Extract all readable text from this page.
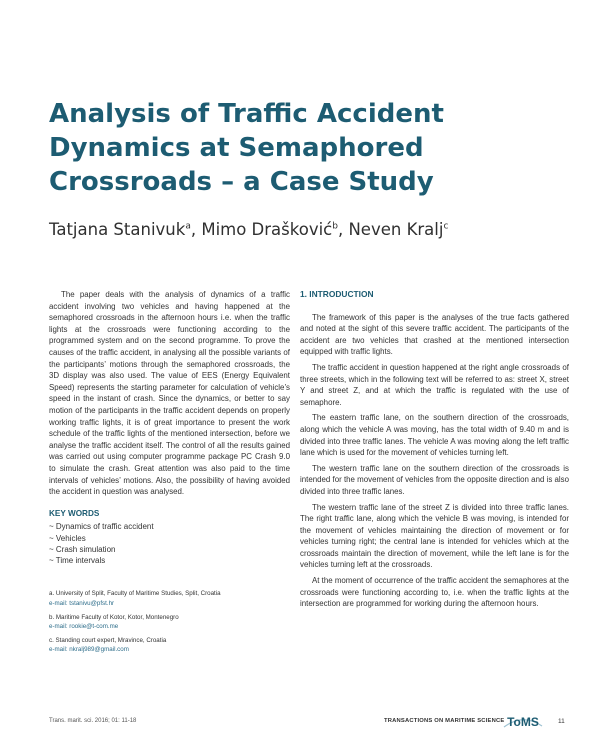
Analysis of Traffic Accident
Dynamics at Semaphored
Crossroads – a Case Study
Tatjana Stanivuk$^a$, Mimo Drašković$^b$, Neven Kralj$^c$

The paper deals with the analysis of dynamics of a traffic accident involving two vehicles and having happened at the semaphored crossroads in the afternoon hours i.e. when the traffic lights at the crossroads were functioning according to the programmed system and on the second programme. To prove the causes of the traffic accident, in analysing all the possible variants of the participants’ motions through the semaphored crossroads, the 3D display was also used. The value of EES (Energy Equivalent Speed) represents the starting parameter for calculation of vehicle’s speed in the instant of crash. Since the dynamics, or better to say motion of the participants in the traffic accident depends on properly working traffic lights, it is of great importance to present the work schedule of the traffic lights of the mentioned intersection, before we analyse the traffic accident itself. The control of all the results gained was carried out using computer programme package PC Crash 9.0 to simulate the crash. Great attention was also paid to the time intervals of vehicles’ motions. Also, the possibility of having avoided the accident in question was analysed.

KEY WORDS
~ Dynamics of traffic accident
~ Vehicles
~ Crash simulation
~ Time intervals
a. University of Split, Faculty of Maritime Studies, Split, Croatia
e-mail: tstanivu@pfst.hr
b. Maritime Faculty of Kotor, Kotor, Montenegro
e-mail: rookie@t-com.me
c. Standing court expert, Mravince, Croatia
e-mail: nkralj989@gmail.com
1. INTRODUCTION

The framework of this paper is the analyses of the true facts gathered and noted at the sight of this severe traffic accident. The participants of the accident are two vehicles that crashed at the mentioned intersection equipped with traffic lights.

The traffic accident in question happened at the right angle crossroads of three streets, which in the following text will be referred to as: street X, street Y and street Z, and at which the traffic is regulated with the use of semaphore.

The eastern traffic lane, on the southern direction of the crossroads, along which the vehicle A was moving, has the total width of 9.40 m and is divided into three traffic lanes. The vehicle A was moving along the left traffic lane which is used for the movement of vehicles turning left.

The western traffic lane on the southern direction of the crossroads is intended for the movement of vehicles from the opposite direction and is also divided into three traffic lanes.

The western traffic lane of the street Z is divided into three traffic lanes. The right traffic lane, along which the vehicle B was moving, is intended for the movement of vehicles maintaining the direction of movement or for vehicles turning right; the central lane is intended for vehicles which at the crossroads maintain the direction of movement, while the left lane is for the vehicles turning left at the crossroads.

At the moment of occurrence of the traffic accident the semaphores at the crossroads were functioning according to, i.e. when the traffic lights at the intersection are programmed for working during the afternoon hours.

Trans. marit. sci. 2016; 01: 11-18	TRANSACTIONS ON MARITIME SCIENCE ToMS	11
